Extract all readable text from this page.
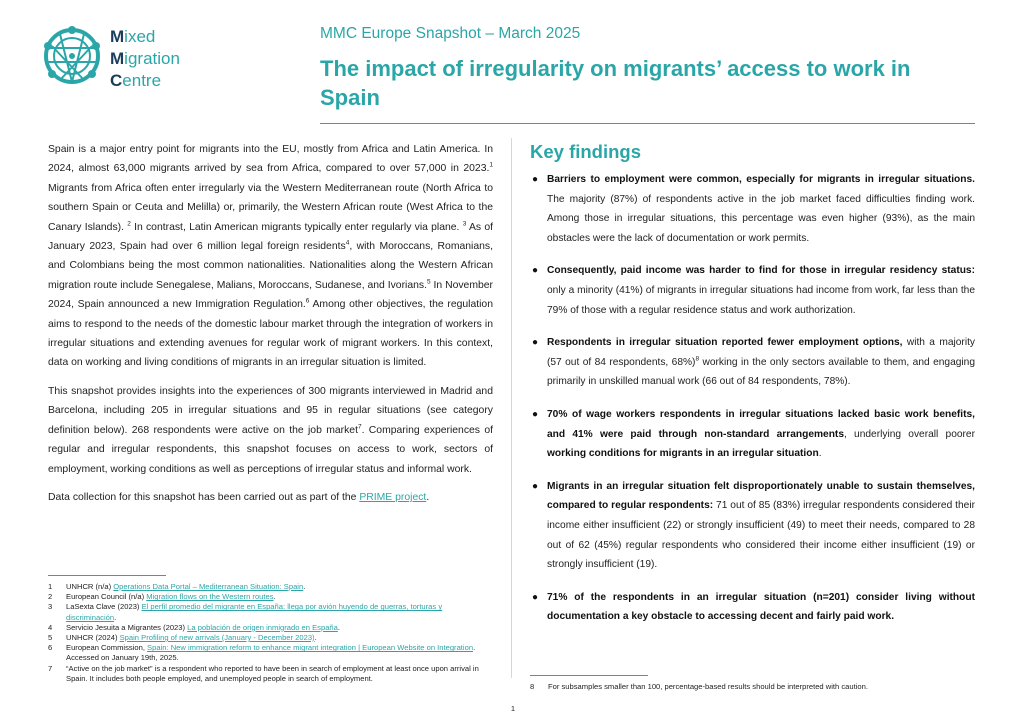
Mixed
Migration
Centre
MMC Europe Snapshot – March 2025
The impact of irregularity on migrants’ access to work in Spain

Spain is a major entry point for migrants into the EU, mostly from Africa and Latin America. In 2024, almost 63,000 migrants arrived by sea from Africa, compared to over 57,000 in 2023.$^1$ Migrants from Africa often enter irregularly via the Western Mediterranean route (North Africa to southern Spain or Ceuta and Melilla) or, primarily, the Western African route (West Africa to the Canary Islands). $^2$ In contrast, Latin American migrants typically enter regularly via plane. $^3$ As of January 2023, Spain had over 6 million legal foreign residents$^4$, with Moroccans, Romanians, and Colombians being the most common nationalities. Nationalities along the Western African migration route include Senegalese, Malians, Moroccans, Sudanese, and Ivorians.$^5$ In November 2024, Spain announced a new Immigration Regulation.$^6$ Among other objectives, the regulation aims to respond to the needs of the domestic labour market through the integration of workers in irregular situations and extending avenues for regular work of migrant workers. In this context, data on working and living conditions of migrants in an irregular situation is limited.

This snapshot provides insights into the experiences of 300 migrants interviewed in Madrid and Barcelona, including 205 in irregular situations and 95 in regular situations (see category definition below). 268 respondents were active on the job market$^7$. Comparing experiences of regular and irregular respondents, this snapshot focuses on access to work, sectors of employment, working conditions as well as perceptions of irregular status and informal work.

Data collection for this snapshot has been carried out as part of the PRIME project.

Key findings
● Barriers to employment were common, especially for migrants in irregular situations. The majority (87%) of respondents active in the job market faced difficulties finding work. Among those in irregular situations, this percentage was even higher (93%), as the main obstacles were the lack of documentation or work permits.
● Consequently, paid income was harder to find for those in irregular residency status: only a minority (41%) of migrants in irregular situations had income from work, far less than the 79% of those with a regular residence status and work authorization.
● Respondents in irregular situation reported fewer employment options, with a majority (57 out of 84 respondents, 68%)$^8$ working in the only sectors available to them, and engaging primarily in unskilled manual work (66 out of 84 respondents, 78%).
● 70% of wage workers respondents in irregular situations lacked basic work benefits, and 41% were paid through non-standard arrangements, underlying overall poorer working conditions for migrants in an irregular situation.
● Migrants in an irregular situation felt disproportionately unable to sustain themselves, compared to regular respondents: 71 out of 85 (83%) irregular respondents considered their income either insufficient (22) or strongly insufficient (49) to meet their needs, compared to 28 out of 62 (45%) regular respondents who considered their income either insufficient (19) or strongly insufficient (19).
● 71% of the respondents in an irregular situation (n=201) consider living without documentation a key obstacle to accessing decent and fairly paid work.
1	UNHCR (n/a) Operations Data Portal – Mediterranean Situation: Spain.
2	European Council (n/a) Migration flows on the Western routes.
3	LaSexta Clave (2023) El perfil promedio del migrante en España: llega por avión huyendo de guerras, torturas y discriminación.
4	Servicio Jesuita a Migrantes (2023) La población de origen inmigrado en España.
5	UNHCR (2024) Spain Profiling of new arrivals (January - December 2023).
6	European Commission, Spain: New immigration reform to enhance migrant integration | European Website on Integration. Accessed on January 19th, 2025.
7	“Active on the job market” is a respondent who reported to have been in search of employment at least once upon arrival in Spain. It includes both people employed, and unemployed people in search of employment.
8	For subsamples smaller than 100, percentage-based results should be interpreted with caution.
1
